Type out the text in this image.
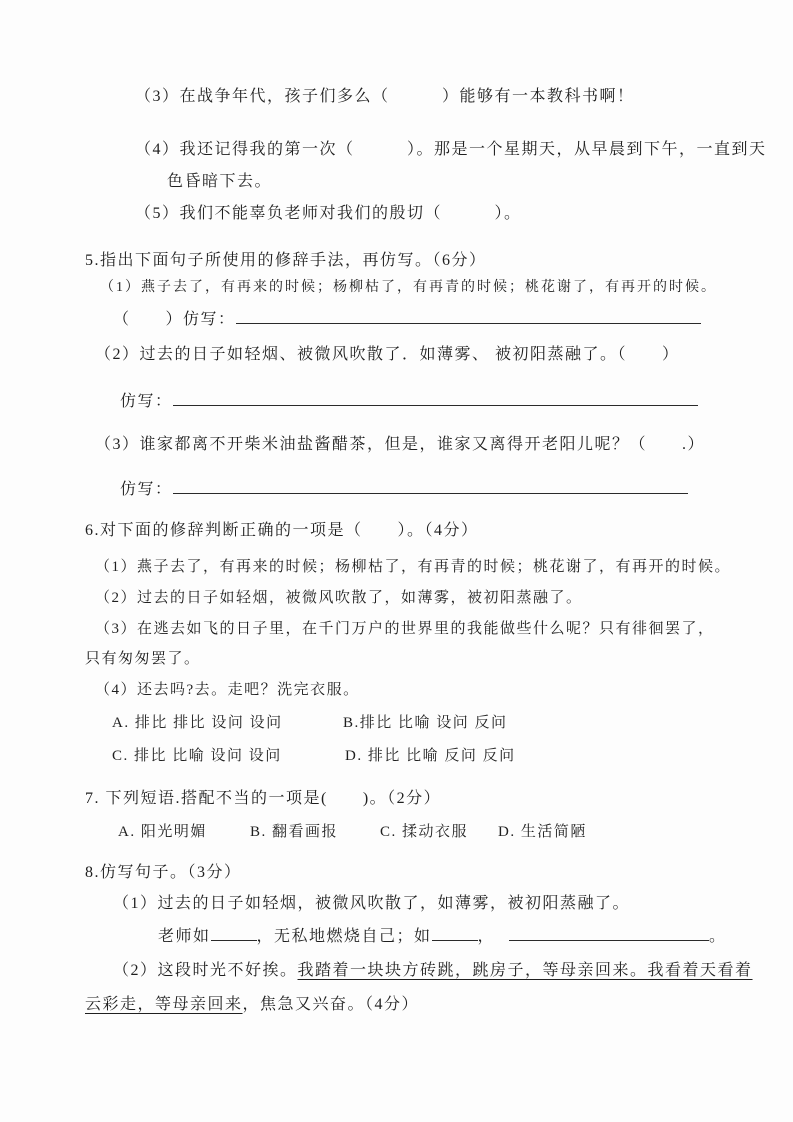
（3）在战争年代，孩子们多么（　　　）能够有一本教科书啊！
（4）我还记得我的第一次（　　　）。那是一个星期天，从早晨到下午，一直到天
色昏暗下去。
（5）我们不能辜负老师对我们的殷切（　　　）。
5.指出下面句子所使用的修辞手法，再仿写。（6分）
（1）燕子去了，有再来的时候；杨柳枯了，有再青的时候；桃花谢了，有再开的时候。
（　　）仿写：
（2）过去的日子如轻烟、被微风吹散了．如薄雾、 被初阳蒸融了。（　　）
仿写：
（3）谁家都离不开柴米油盐酱醋茶，但是，谁家又离得开老阳儿呢？（　　.）
仿写：
6.对下面的修辞判断正确的一项是（　　）。（4分）
（1）燕子去了，有再来的时候；杨柳枯了，有再青的时候；桃花谢了，有再开的时候。
（2）过去的日子如轻烟，被微风吹散了，如薄雾，被初阳蒸融了。
（3）在逃去如飞的日子里，在千门万户的世界里的我能做些什么呢？只有徘徊罢了，
只有匆匆罢了。
（4）还去吗?去。走吧？洗完衣服。
A. 排比 排比 设问 设问	B.排比 比喻 设问 反问
C. 排比 比喻 设问 设问	D. 排比 比喻 反问 反问
7. 下列短语.搭配不当的一项是(　　)。（2分）
A. 阳光明媚	B. 翻看画报	C. 揉动衣服 D. 生活简陋
8.仿写句子。（3分）
（1）过去的日子如轻烟，被微风吹散了，如薄雾，被初阳蒸融了。
老师如	，无私地燃烧自己；如	，	。
（2）这段时光不好挨。我踏着一块块方砖跳，跳房子，等母亲回来。我看着天看着
云彩走，等母亲回来，焦急又兴奋。（4分）
